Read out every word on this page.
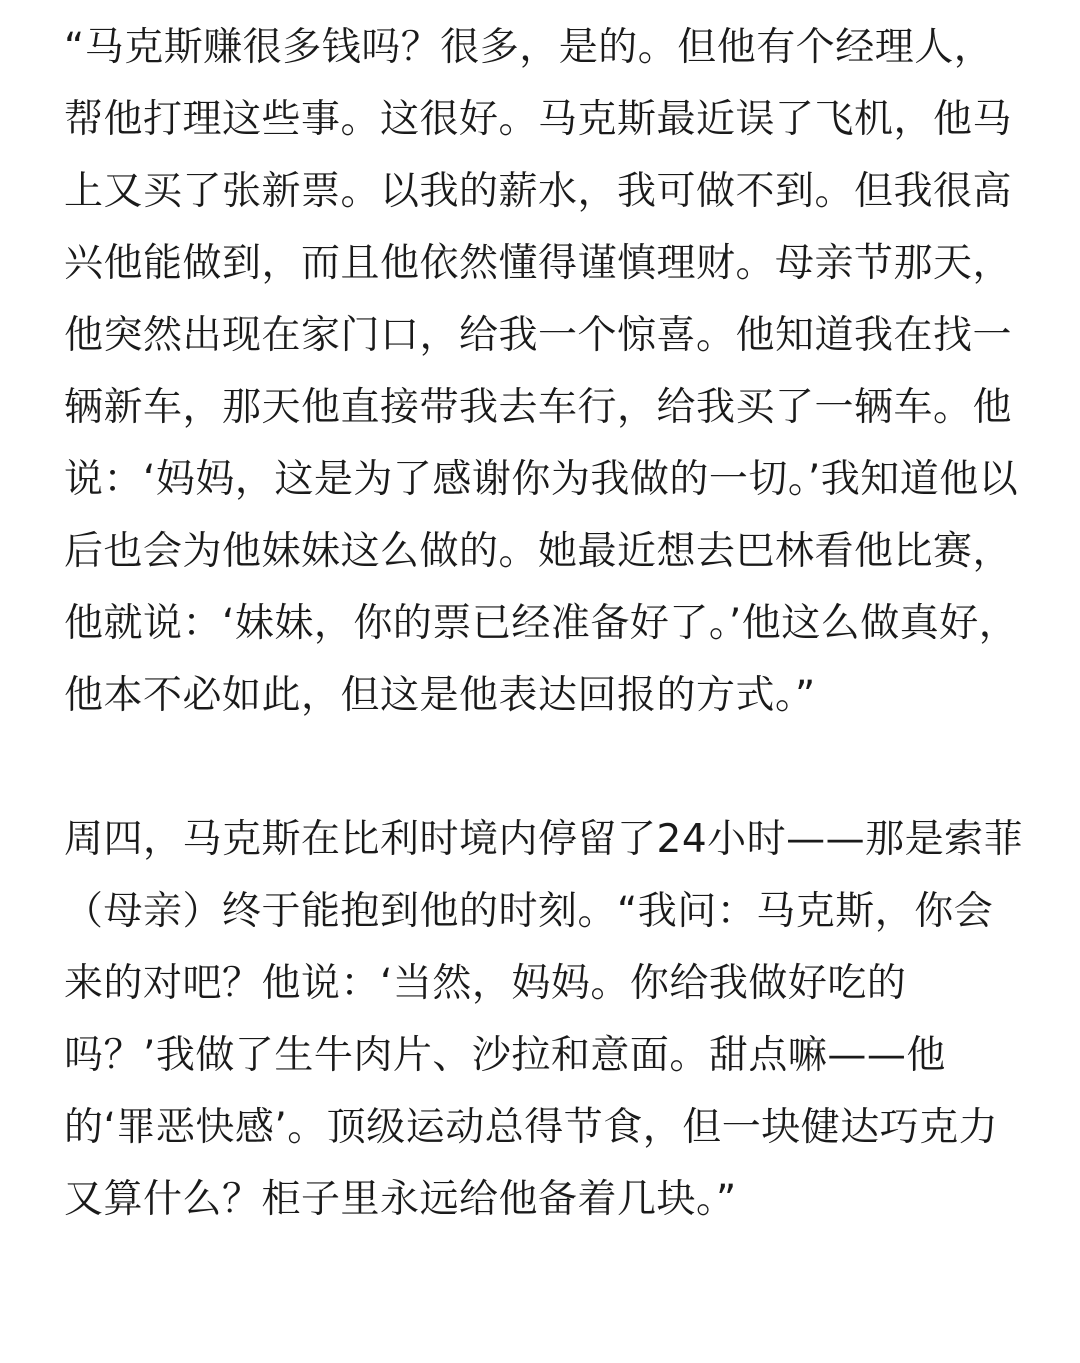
“马克斯赚很多钱吗？很多，是的。但他有个经理人，帮他打理这些事。这很好。马克斯最近误了飞机，他马上又买了张新票。以我的薪水，我可做不到。但我很高兴他能做到，而且他依然懂得谨慎理财。母亲节那天，他突然出现在家门口，给我一个惊喜。他知道我在找一辆新车，那天他直接带我去车行，给我买了一辆车。他说：‘妈妈，这是为了感谢你为我做的一切。’我知道他以后也会为他妹妹这么做的。她最近想去巴林看他比赛，他就说：‘妹妹，你的票已经准备好了。’他这么做真好，他本不必如此，但这是他表达回报的方式。”

周四，马克斯在比利时境内停留了24小时——那是索菲（母亲）终于能抱到他的时刻。“我问：马克斯，你会来的对吧？他说：‘当然，妈妈。你给我做好吃的吗？’我做了生牛肉片、沙拉和意面。甜点嘛——他的‘罪恶快感’。顶级运动总得节食，但一块健达巧克力又算什么？柜子里永远给他备着几块。”
